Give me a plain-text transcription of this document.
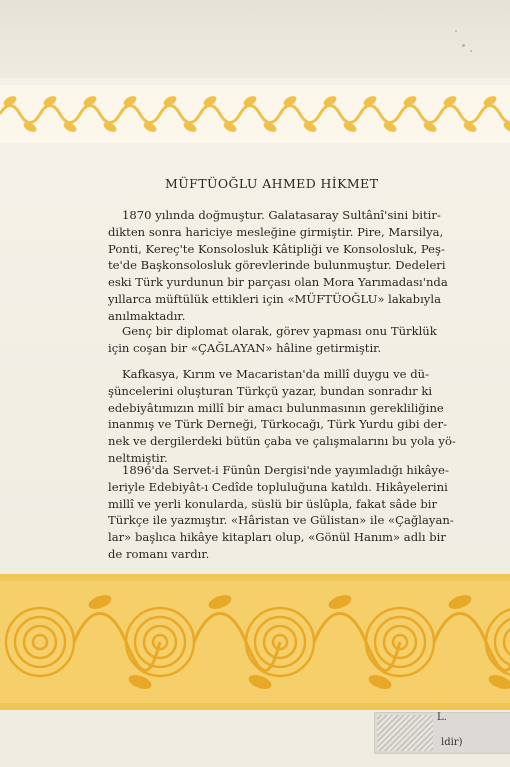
MÜFTÜOĞLU AHMED HİKMET
1870 yılında doğmuştur. Galatasaray Sultânî'sini bitir-
dikten sonra hariciye mesleğine girmiştir. Pire, Marsilya,
Ponti, Kereç'te Konsolosluk Kâtipliği ve Konsolosluk, Peş-
te'de Başkonsolosluk görevlerinde bulunmuştur. Dedeleri
eski Türk yurdunun bir parçası olan Mora Yarımadası'nda
yıllarca müftülük ettikleri için «MÜFTÜOĞLU» lakabıyla
anılmaktadır.
Genç bir diplomat olarak, görev yapması onu Türklük
için coşan bir «ÇAĞLAYAN» hâline getirmiştir.
Kafkasya, Kırım ve Macaristan'da millî duygu ve dü-
şüncelerini oluşturan Türkçü yazar, bundan sonradır ki
edebiyâtımızın millî bir amacı bulunmasının gerekliliğine
inanmış ve Türk Derneği, Türkocağı, Türk Yurdu gibi der-
nek ve dergilerdeki bütün çaba ve çalışmalarını bu yola yö-
neltmiştir.
1896'da Servet-i Fünûn Dergisi'nde yayımladığı hikâye-
leriyle Edebiyât-ı Cedîde topluluğuna katıldı. Hikâyelerini
millî ve yerli konularda, süslü bir üslûpla, fakat sâde bir
Türkçe ile yazmıştır. «Hâristan ve Gülistan» ile «Çağlayan-
lar» başlıca hikâye kitapları olup, «Gönül Hanım» adlı bir
de romanı vardır.
L.
ldir)
